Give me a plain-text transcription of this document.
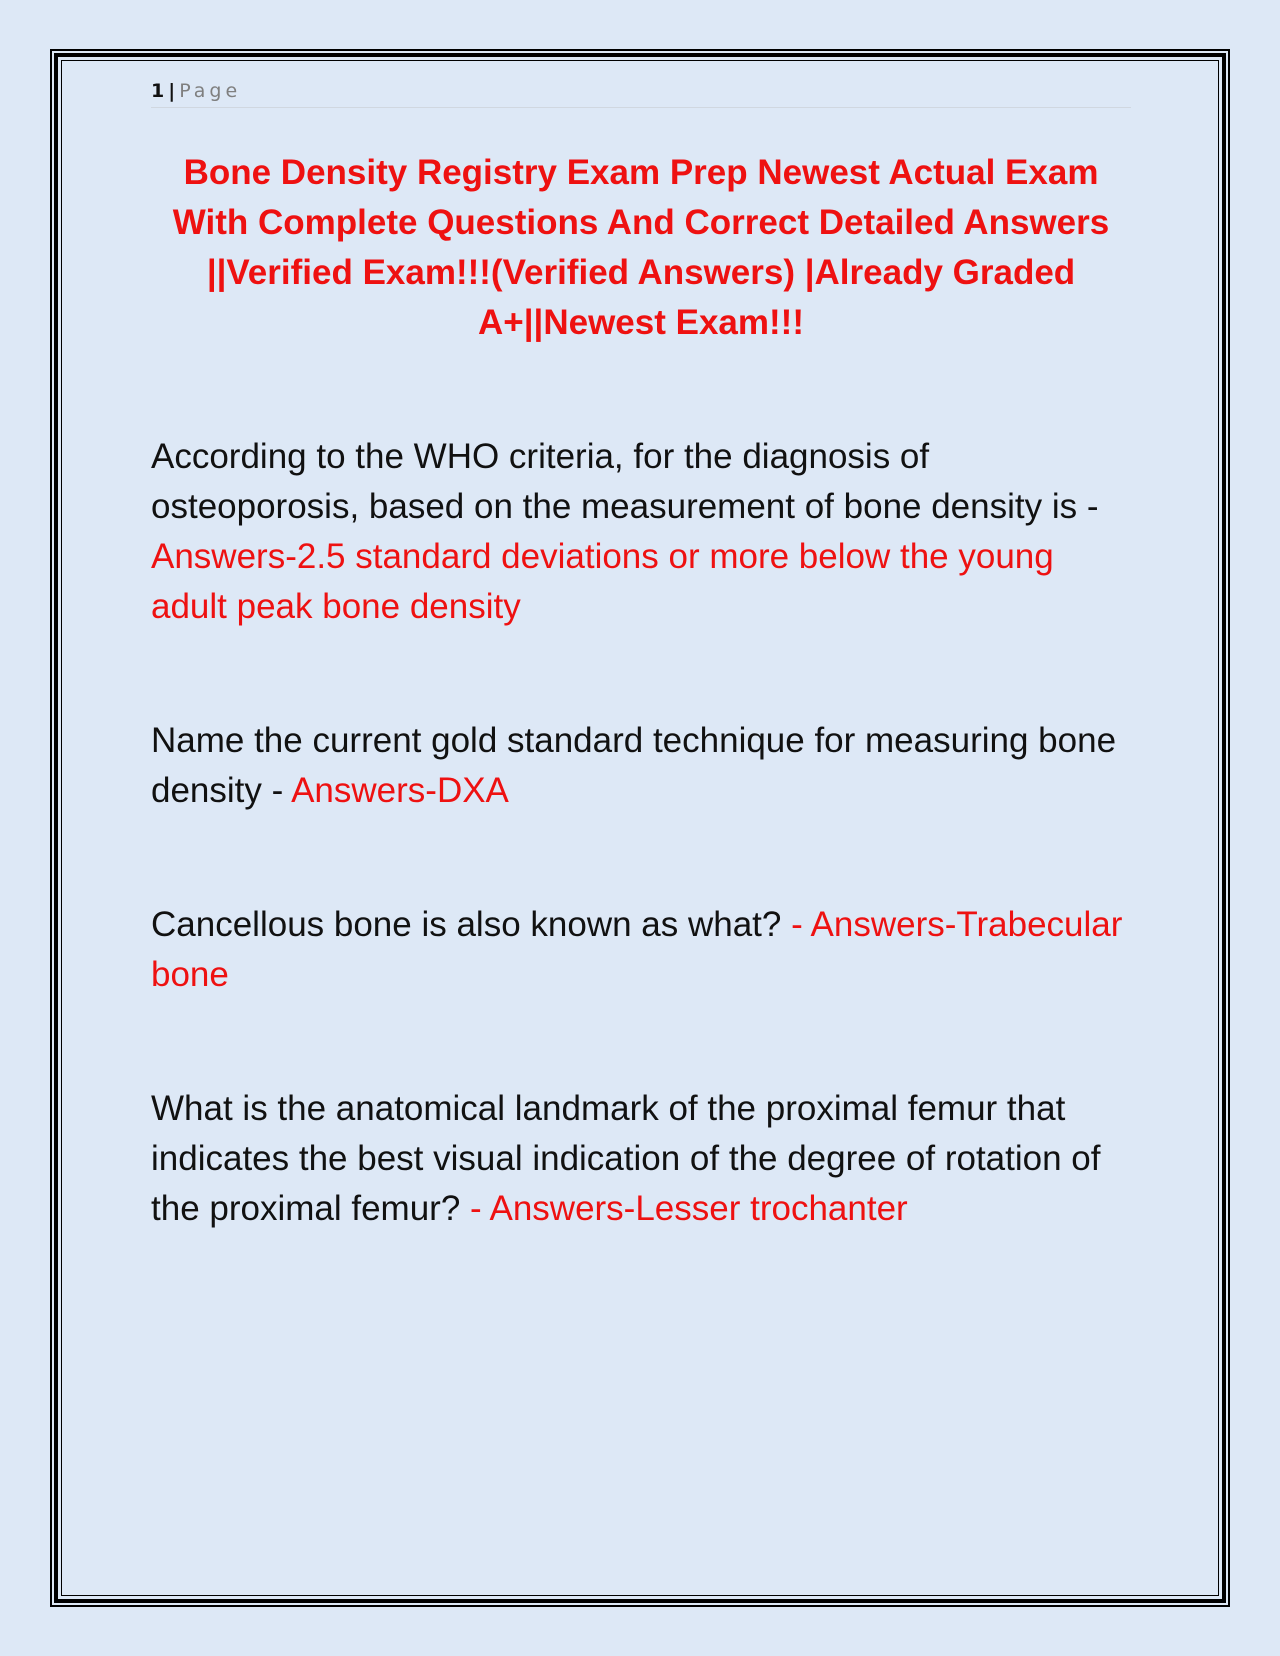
1 | Page
Bone Density Registry Exam Prep Newest Actual Exam With Complete Questions And Correct Detailed Answers ||Verified Exam!!!(Verified Answers) |Already Graded A+||Newest Exam!!!

According to the WHO criteria, for the diagnosis of osteoporosis, based on the measurement of bone density is - Answers-2.5 standard deviations or more below the young adult peak bone density

Name the current gold standard technique for measuring bone density - Answers-DXA

Cancellous bone is also known as what? - Answers-Trabecular bone

What is the anatomical landmark of the proximal femur that indicates the best visual indication of the degree of rotation of the proximal femur? - Answers-Lesser trochanter
